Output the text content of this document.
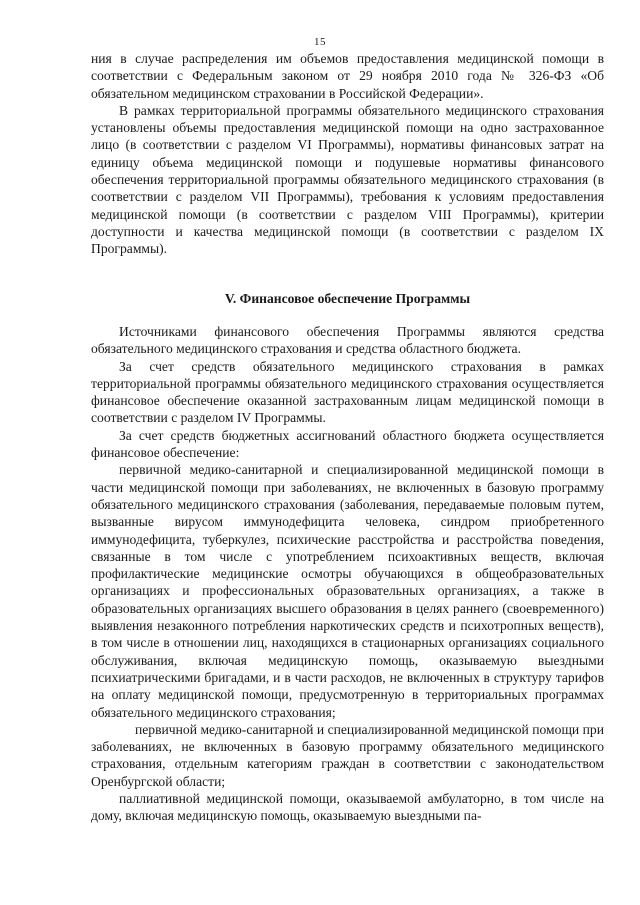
15

ния в случае распределения им объемов предоставления медицинской помощи в соответствии с Федеральным законом от 29 ноября 2010 года № 326-ФЗ «Об обязательном медицинском страховании в Российской Федерации».

В рамках территориальной программы обязательного медицинского страхования установлены объемы предоставления медицинской помощи на одно застрахованное лицо (в соответствии с разделом VI Программы), нормативы финансовых затрат на единицу объема медицинской помощи и подушевые нормативы финансового обеспечения территориальной программы обязательного медицинского страхования (в соответствии с разделом VII Программы), требования к условиям предоставления медицинской помощи (в соответствии с разделом VIII Программы), критерии доступности и качества медицинской помощи (в соответствии с разделом IX Программы).

V. Финансовое обеспечение Программы

Источниками финансового обеспечения Программы являются средства обязательного медицинского страхования и средства областного бюджета.

За счет средств обязательного медицинского страхования в рамках территориальной программы обязательного медицинского страхования осуществляется финансовое обеспечение оказанной застрахованным лицам медицинской помощи в соответствии с разделом IV Программы.

За счет средств бюджетных ассигнований областного бюджета осуществляется финансовое обеспечение:

первичной медико-санитарной и специализированной медицинской помощи в части медицинской помощи при заболеваниях, не включенных в базовую программу обязательного медицинского страхования (заболевания, передаваемые половым путем, вызванные вирусом иммунодефицита человека, синдром приобретенного иммунодефицита, туберкулез, психические расстройства и расстройства поведения, связанные в том числе с употреблением психоактивных веществ, включая профилактические медицинские осмотры обучающихся в общеобразовательных организациях и профессиональных образовательных организациях, а также в образовательных организациях высшего образования в целях раннего (своевременного) выявления незаконного потребления наркотических средств и психотропных веществ), в том числе в отношении лиц, находящихся в стационарных организациях социального обслуживания, включая медицинскую помощь, оказываемую выездными психиатрическими бригадами, и в части расходов, не включенных в структуру тарифов на оплату медицинской помощи, предусмотренную в территориальных программах обязательного медицинского страхования;

первичной медико-санитарной и специализированной медицинской помощи при заболеваниях, не включенных в базовую программу обязательного медицинского страхования, отдельным категориям граждан в соответствии с законодательством Оренбургской области;

паллиативной медицинской помощи, оказываемой амбулаторно, в том числе на дому, включая медицинскую помощь, оказываемую выездными па-
